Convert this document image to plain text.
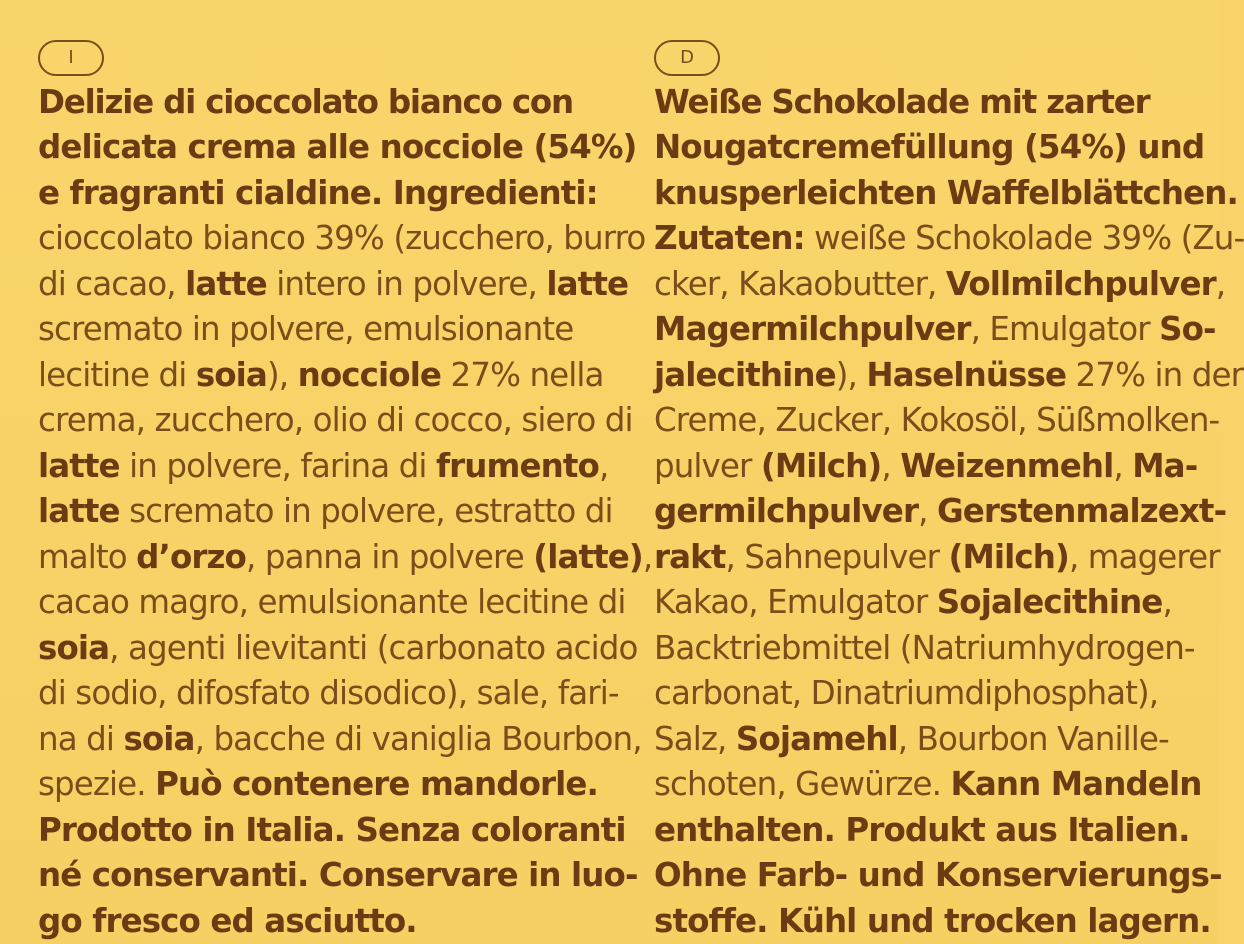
I Delizie di cioccolato bianco con
delicata crema alle nocciole (54%)
e fragranti cialdine. Ingredienti:
cioccolato bianco 39% (zucchero, burro
di cacao, latte intero in polvere, latte
scremato in polvere, emulsionante
lecitine di soia), nocciole 27% nella
crema, zucchero, olio di cocco, siero di
latte in polvere, farina di frumento,
latte scremato in polvere, estratto di
malto d’orzo, panna in polvere (latte),
cacao magro, emulsionante lecitine di
soia, agenti lievitanti (carbonato acido
di sodio, difosfato disodico), sale, fari-
na di soia, bacche di vaniglia Bourbon,
spezie. Può contenere mandorle.
Prodotto in Italia. Senza coloranti
né conservanti. Conservare in luo-
go fresco ed asciutto.
D Weiße Schokolade mit zarter
Nougatcremefüllung (54%) und
knusperleichten Waffelblättchen.
Zutaten: weiße Schokolade 39% (Zu-
cker, Kakaobutter, Vollmilchpulver,
Magermilchpulver, Emulgator So-
jalecithine), Haselnüsse 27% in der
Creme, Zucker, Kokosöl, Süßmolken-
pulver (Milch), Weizenmehl, Ma-
germilchpulver, Gerstenmalzext-
rakt, Sahnepulver (Milch), magerer
Kakao, Emulgator Sojalecithine,
Backtriebmittel (Natriumhydrogen-
carbonat, Dinatriumdiphosphat),
Salz, Sojamehl, Bourbon Vanille-
schoten, Gewürze. Kann Mandeln
enthalten. Produkt aus Italien.
Ohne Farb- und Konservierungs-
stoffe. Kühl und trocken lagern.
